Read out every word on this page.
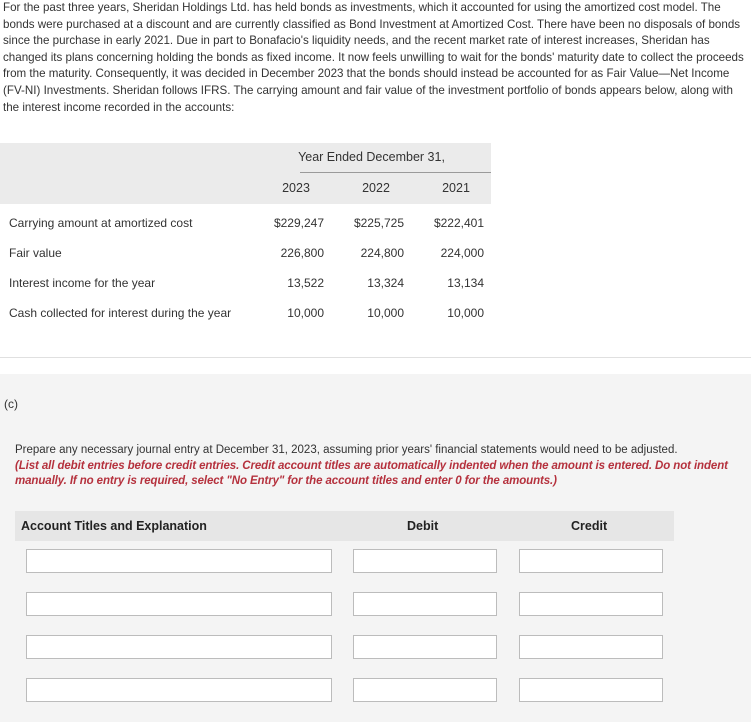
For the past three years, Sheridan Holdings Ltd. has held bonds as investments, which it accounted for using the amortized cost model. The bonds were purchased at a discount and are currently classified as Bond Investment at Amortized Cost. There have been no disposals of bonds since the purchase in early 2021. Due in part to Bonafacio's liquidity needs, and the recent market rate of interest increases, Sheridan has changed its plans concerning holding the bonds as fixed income. It now feels unwilling to wait for the bonds' maturity date to collect the proceeds from the maturity. Consequently, it was decided in December 2023 that the bonds should instead be accounted for as Fair Value—Net Income (FV-NI) Investments. Sheridan follows IFRS. The carrying amount and fair value of the investment portfolio of bonds appears below, along with the interest income recorded in the accounts:
Year Ended December 31,
2023	2022	2021
Carrying amount at amortized cost	$229,247	$225,725	$222,401
Fair value	226,800	224,800	224,000
Interest income for the year	13,522	13,324	13,134
Cash collected for interest during the year	10,000	10,000	10,000
(c)
Prepare any necessary journal entry at December 31, 2023, assuming prior years' financial statements would need to be adjusted.
(List all debit entries before credit entries. Credit account titles are automatically indented when the amount is entered. Do not indent manually. If no entry is required, select "No Entry" for the account titles and enter 0 for the amounts.)
Account Titles and Explanation	Debit	Credit
